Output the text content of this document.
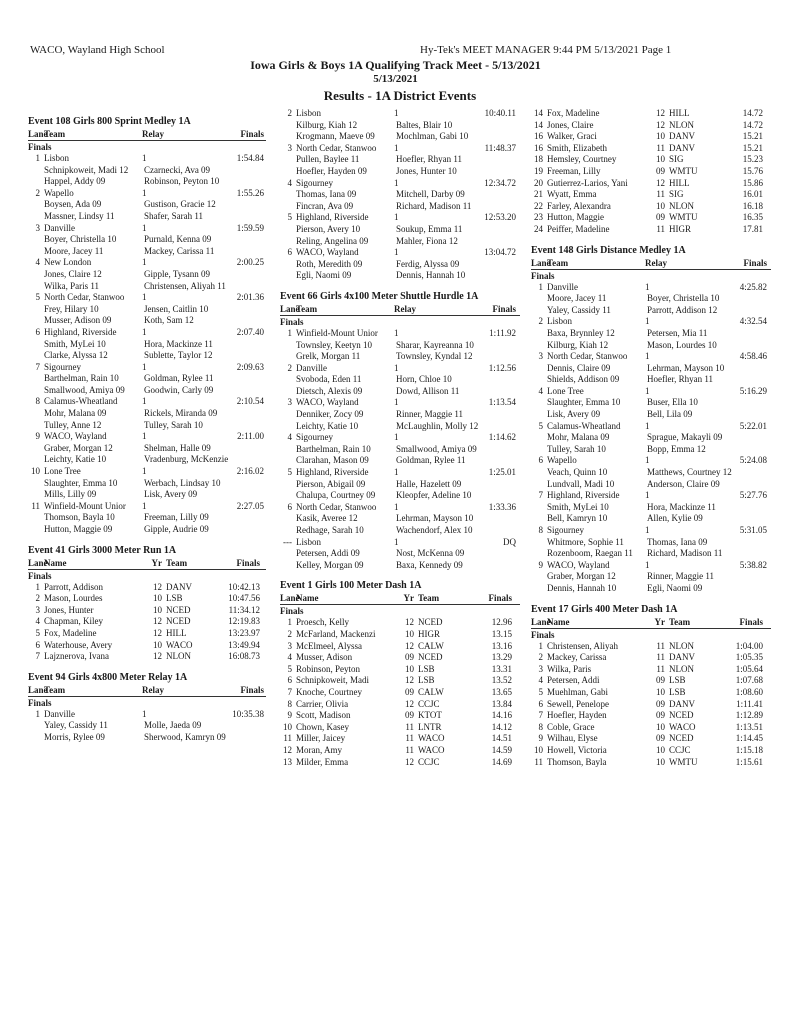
WACO, Wayland High School	Hy-Tek's MEET MANAGER 9:44 PM 5/13/2021 Page 1
Iowa Girls & Boys 1A Qualifying Track Meet - 5/13/2021
5/13/2021
Results - 1A District Events
Event 108 Girls 800 Sprint Medley 1A
Lane
Team	Relay	Finals
Finals
1 Lisbon	1	1:54.84
Schnipkoweit, Madi 12	Czarnecki, Ava 09
Happel, Addy 09	Robinson, Peyton 10
2 Wapello	1	1:55.26
Boysen, Ada 09	Gustison, Gracie 12
Massner, Lindsy 11	Shafer, Sarah 11
3 Danville	1	1:59.59
Boyer, Christella 10	Purnald, Kenna 09
Moore, Jacey 11	Mackey, Carissa 11
4 New London	1	2:00.25
Jones, Claire 12	Gipple, Tysann 09
Wilka, Paris 11	Christensen, Aliyah 11
5 North Cedar, Stanwoo	1	2:01.36
Frey, Hilary 10	Jensen, Caitlin 10
Musser, Adison 09	Koth, Sam 12
6 Highland, Riverside	1	2:07.40
Smith, MyLei 10	Hora, Mackinze 11
Clarke, Alyssa 12	Sublette, Taylor 12
7 Sigourney	1	2:09.63
Barthelman, Rain 10	Goldman, Rylee 11
Smallwood, Amiya 09	Goodwin, Carly 09
8 Calamus-Wheatland	1	2:10.54
Mohr, Malana 09	Rickels, Miranda 09
Tulley, Anne 12	Tulley, Sarah 10
9 WACO, Wayland	1	2:11.00
Graber, Morgan 12	Shelman, Halle 09
Leichty, Katie 10	Vradenburg, McKenzie
10 Lone Tree	1	2:16.02
Slaughter, Emma 10	Werbach, Lindsay 10
Mills, Lilly 09	Lisk, Avery 09
11 Winfield-Mount Unior	1	2:27.05
Thomson, Bayla 10	Freeman, Lilly 09
Hutton, Maggie 09	Gipple, Audrie 09
Event 41 Girls 3000 Meter Run 1A
Lane
Name	Yr Team	Finals
Finals
1 Parrott, Addison	12 DANV	10:42.13
2 Mason, Lourdes	10 LSB	10:47.56
3 Jones, Hunter	10 NCED	11:34.12
4 Chapman, Kiley	12 NCED	12:19.83
5 Fox, Madeline	12 HILL	13:23.97
6 Waterhouse, Avery	10 WACO	13:49.94
7 Lajznerova, Ivana	12 NLON	16:08.73
Event 94 Girls 4x800 Meter Relay 1A
Lane
Team	Relay	Finals
Finals
1 Danville	1	10:35.38
Yaley, Cassidy 11	Molle, Jaeda 09
Morris, Rylee 09	Sherwood, Kamryn 09
2 Lisbon	1	10:40.11
Kilburg, Kiah 12	Baltes, Blair 10
Krogmann, Maeve 09	Mochlman, Gabi 10
3 North Cedar, Stanwoo	1	11:48.37
Pullen, Baylee 11	Hoefler, Rhyan 11
Hoefler, Hayden 09	Jones, Hunter 10
4 Sigourney	1	12:34.72
Thomas, Iana 09	Mitchell, Darby 09
Fincran, Ava 09	Richard, Madison 11
5 Highland, Riverside	1	12:53.20
Pierson, Avery 10	Soukup, Emma 11
Reling, Angelina 09	Mahler, Fiona 12
6 WACO, Wayland	1	13:04.72
Roth, Meredith 09	Ferdig, Alyssa 09
Egli, Naomi 09	Dennis, Hannah 10
Event 66 Girls 4x100 Meter Shuttle Hurdle 1A
Lane
Team	Relay	Finals
Finals
1 Winfield-Mount Unior	1	1:11.92
Townsley, Keetyn 10	Sharar, Kayreanna 10
Grelk, Morgan 11	Townsley, Kyndal 12
2 Danville	1	1:12.56
Svoboda, Eden 11	Horn, Chloe 10
Dietsch, Alexis 09	Dowd, Allison 11
3 WACO, Wayland	1	1:13.54
Denniker, Zocy 09	Rinner, Maggie 11
Leichty, Katie 10	McLaughlin, Molly 12
4 Sigourney	1	1:14.62
Barthelman, Rain 10	Smallwood, Amiya 09
Clarahan, Mason 09	Goldman, Rylee 11
5 Highland, Riverside	1	1:25.01
Pierson, Abigail 09	Halle, Hazelett 09
Chalupa, Courtney 09	Kleopfer, Adeline 10
6 North Cedar, Stanwoo	1	1:33.36
Kasik, Averee 12	Lehrman, Mayson 10
Redhage, Sarah 10	Wachendorf, Alex 10
--- Lisbon	1	DQ
Petersen, Addi 09	Nost, McKenna 09
Kelley, Morgan 09	Baxa, Kennedy 09
Event 1 Girls 100 Meter Dash 1A
Lane
Name	Yr Team	Finals
Finals
1 Proesch, Kelly	12 NCED	12.96
2 McFarland, Mackenzi	10 HIGR	13.15
3 McElmeel, Alyssa	12 CALW	13.16
4 Musser, Adison	09 NCED	13.29
5 Robinson, Peyton	10 LSB	13.31
6 Schnipkoweit, Madi	12 LSB	13.52
7 Knoche, Courtney	09 CALW	13.65
8 Carrier, Olivia	12 CCJC	13.84
9 Scott, Madison	09 KTOT	14.16
10 Chown, Kasey	11 LNTR	14.12
11 Miller, Jaicey	11 WACO	14.51
12 Moran, Amy	11 WACO	14.59
13 Milder, Emma	12 CCJC	14.69
14 Fox, Madeline	12 HILL	14.72
14 Jones, Claire	12 NLON	14.72
16 Walker, Graci	10 DANV	15.21
16 Smith, Elizabeth	11 DANV	15.21
18 Hemsley, Courtney	10 SIG	15.23
19 Freeman, Lilly	09 WMTU	15.76
20 Gutierrez-Larios, Yani	12 HILL	15.86
21 Wyatt, Emma	11 SIG	16.01
22 Farley, Alexandra	10 NLON	16.18
23 Hutton, Maggie	09 WMTU	16.35
24 Peiffer, Madeline	11 HIGR	17.81
Event 148 Girls Distance Medley 1A
Lane
Team	Relay	Finals
Finals
1 Danville	1	4:25.82
Moore, Jacey 11	Boyer, Christella 10
Yaley, Cassidy 11	Parrott, Addison 12
2 Lisbon	1	4:32.54
Baxa, Brynnley 12	Petersen, Mia 11
Kilburg, Kiah 12	Mason, Lourdes 10
3 North Cedar, Stanwoo	1	4:58.46
Dennis, Claire 09	Lehrman, Mayson 10
Shields, Addison 09	Hoefler, Rhyan 11
4 Lone Tree	1	5:16.29
Slaughter, Emma 10	Buser, Ella 10
Lisk, Avery 09	Bell, Lila 09
5 Calamus-Wheatland	1	5:22.01
Mohr, Malana 09	Sprague, Makayli 09
Tulley, Sarah 10	Bopp, Emma 12
6 Wapello	1	5:24.08
Veach, Quinn 10	Matthews, Courtney 12
Lundvall, Madi 10	Anderson, Claire 09
7 Highland, Riverside	1	5:27.76
Smith, MyLei 10	Hora, Mackinze 11
Bell, Kamryn 10	Allen, Kylie 09
8 Sigourney	1	5:31.05
Whitmore, Sophie 11	Thomas, Iana 09
Rozenboom, Raegan 11	Richard, Madison 11
9 WACO, Wayland	1	5:38.82
Graber, Morgan 12	Rinner, Maggie 11
Dennis, Hannah 10	Egli, Naomi 09
Event 17 Girls 400 Meter Dash 1A
Lane
Name	Yr Team	Finals
Finals
1 Christensen, Aliyah	11 NLON	1:04.00
2 Mackey, Carissa	11 DANV	1:05.35
3 Wilka, Paris	11 NLON	1:05.64
4 Petersen, Addi	09 LSB	1:07.68
5 Muehlman, Gabi	10 LSB	1:08.60
6 Sewell, Penelope	09 DANV	1:11.41
7 Hoefler, Hayden	09 NCED	1:12.89
8 Coble, Grace	10 WACO	1:13.51
9 Wilhau, Elyse	09 NCED	1:14.45
10 Howell, Victoria	10 CCJC	1:15.18
11 Thomson, Bayla	10 WMTU	1:15.61
